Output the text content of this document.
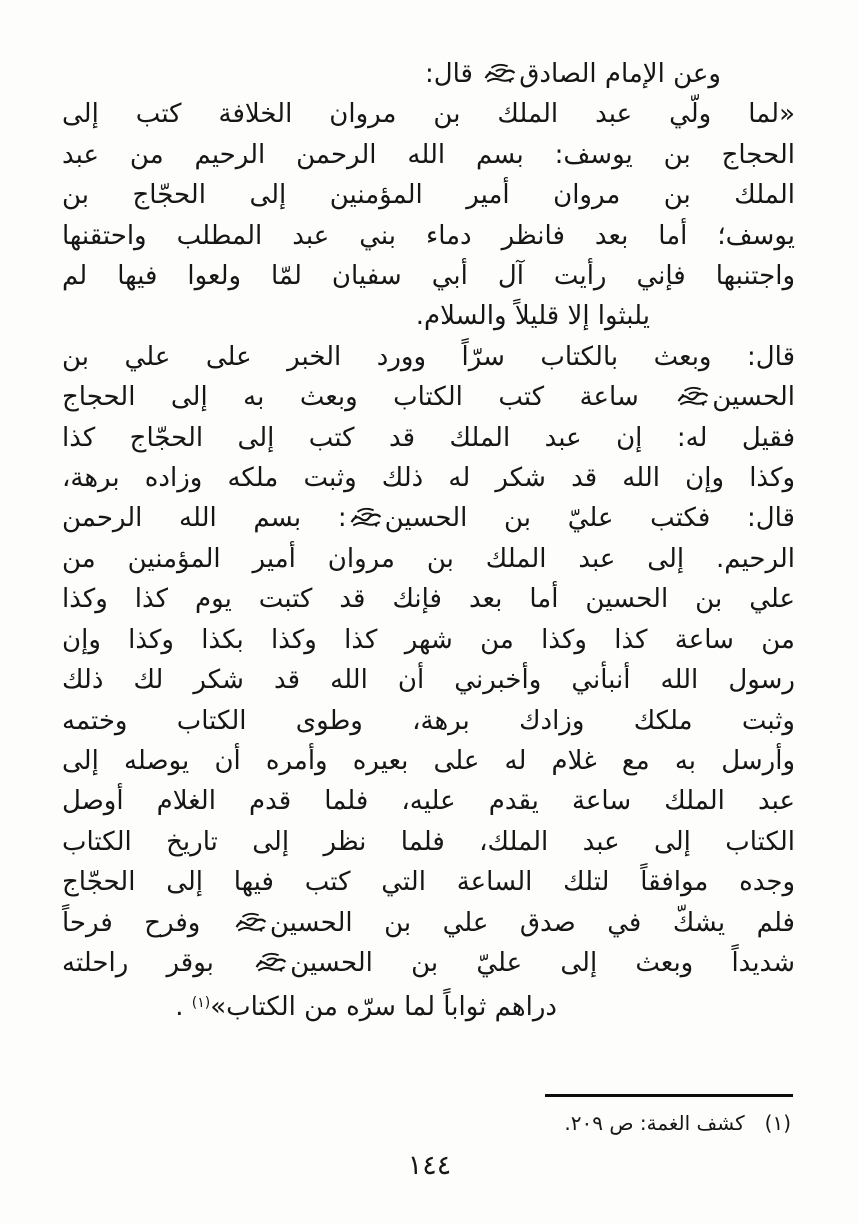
وعن الإمام الصادق
قال:
«لما ولّي عبد الملك بن مروان الخلافة كتب إلى
الحجاج بن يوسف: بسم الله الرحمن الرحيم من عبد
الملك بن مروان أمير المؤمنين إلى الحجّاج بن
يوسف؛ أما بعد فانظر دماء بني عبد المطلب واحتقنها
واجتنبها فإني رأيت آل أبي سفيان لمّا ولعوا فيها لم
يلبثوا إلا قليلاً والسلام.
قال: وبعث بالكتاب سرّاً وورد الخبر على علي بن
الحسين
ساعة كتب الكتاب وبعث به إلى الحجاج
فقيل له: إن عبد الملك قد كتب إلى الحجّاج كذا
وكذا وإن الله قد شكر له ذلك وثبت ملكه وزاده برهة،
قال: فكتب عليّ بن الحسين
: بسم الله الرحمن
الرحيم. إلى عبد الملك بن مروان أمير المؤمنين من
علي بن الحسين أما بعد فإنك قد كتبت يوم كذا وكذا
من ساعة كذا وكذا من شهر كذا وكذا بكذا وكذا وإن
رسول الله أنبأني وأخبرني أن الله قد شكر لك ذلك
وثبت ملكك وزادك برهة، وطوى الكتاب وختمه
وأرسل به مع غلام له على بعيره وأمره أن يوصله إلى
عبد الملك ساعة يقدم عليه، فلما قدم الغلام أوصل
الكتاب إلى عبد الملك، فلما نظر إلى تاريخ الكتاب
وجده موافقاً لتلك الساعة التي كتب فيها إلى الحجّاج
فلم يشكّ في صدق علي بن الحسين
وفرح فرحاً
شديداً وبعث إلى عليّ بن الحسين
بوقر راحلته
دراهم ثواباً لما سرّه من الكتاب»$^{(١)}$ .
(١)كشف الغمة: ص ٢٠٩.
١٤٤
